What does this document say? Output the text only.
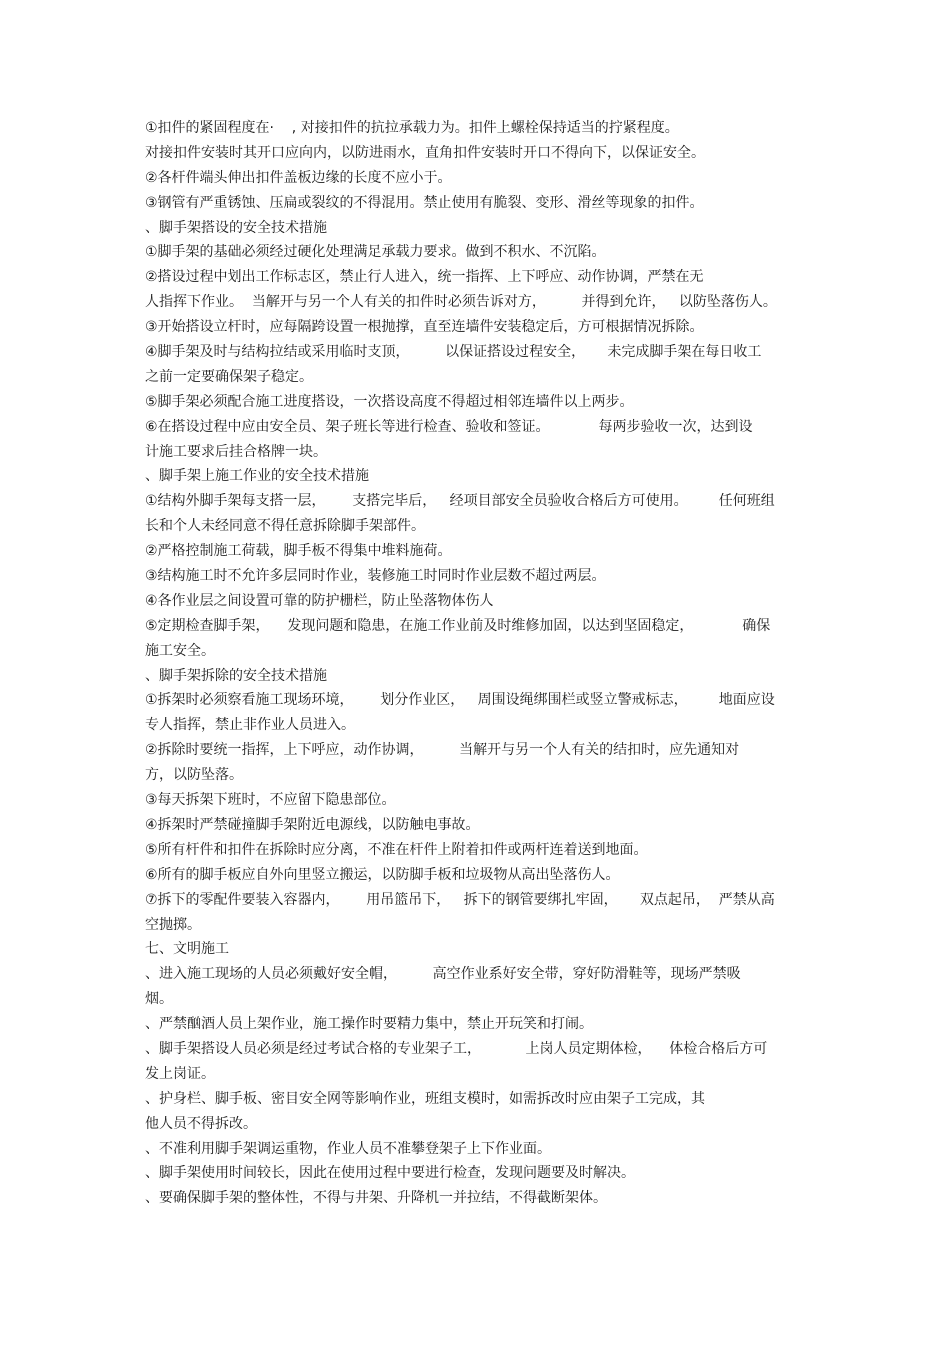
①扣件的紧固程度在·    , 对接扣件的抗拉承载力为。扣件上螺栓保持适当的拧紧程度。
对接扣件安装时其开口应向内，以防进雨水，直角扣件安装时开口不得向下，以保证安全。
②各杆件端头伸出扣件盖板边缘的长度不应小于。
③钢管有严重锈蚀、压扁或裂纹的不得混用。禁止使用有脆裂、变形、滑丝等现象的扣件。
、脚手架搭设的安全技术措施
①脚手架的基础必须经过硬化处理满足承载力要求。做到不积水、不沉陷。
②搭设过程中划出工作标志区，禁止行人进入，统一指挥、上下呼应、动作协调，严禁在无
人指挥下作业。  当解开与另一个人有关的扣件时必须告诉对方，        并得到允许，   以防坠落伤人。
③开始搭设立杆时，应每隔跨设置一根抛撑，直至连墙件安装稳定后，方可根据情况拆除。
④脚手架及时与结构拉结或采用临时支顶，        以保证搭设过程安全，     未完成脚手架在每日收工
之前一定要确保架子稳定。
⑤脚手架必须配合施工进度搭设，一次搭设高度不得超过相邻连墙件以上两步。
⑥在搭设过程中应由安全员、架子班长等进行检查、验收和签证。           每两步验收一次，达到设
计施工要求后挂合格牌一块。
、脚手架上施工作业的安全技术措施
①结构外脚手架每支搭一层，      支搭完毕后，   经项目部安全员验收合格后方可使用。       任何班组
长和个人未经同意不得任意拆除脚手架部件。
②严格控制施工荷载，脚手板不得集中堆料施荷。
③结构施工时不允许多层同时作业，装修施工时同时作业层数不超过两层。
④各作业层之间设置可靠的防护栅栏，防止坠落物体伤人
⑤定期检查脚手架，    发现问题和隐患，在施工作业前及时维修加固，以达到坚固稳定，           确保
施工安全。
、脚手架拆除的安全技术措施
①拆架时必须察看施工现场环境，      划分作业区，   周围设绳绑围栏或竖立警戒标志，       地面应设
专人指挥，禁止非作业人员进入。
②拆除时要统一指挥，上下呼应，动作协调，        当解开与另一个人有关的结扣时，应先通知对
方，以防坠落。
③每天拆架下班时，不应留下隐患部位。
④拆架时严禁碰撞脚手架附近电源线，以防触电事故。
⑤所有杆件和扣件在拆除时应分离，不准在杆件上附着扣件或两杆连着送到地面。
⑥所有的脚手板应自外向里竖立搬运，以防脚手板和垃圾物从高出坠落伤人。
⑦拆下的零配件要装入容器内，      用吊篮吊下，   拆下的钢管要绑扎牢固，     双点起吊，  严禁从高
空抛掷。
七、文明施工
、进入施工现场的人员必须戴好安全帽，        高空作业系好安全带，穿好防滑鞋等，现场严禁吸
烟。
、严禁酗酒人员上架作业，施工操作时要精力集中，禁止开玩笑和打闹。
、脚手架搭设人员必须是经过考试合格的专业架子工，          上岗人员定期体检，    体检合格后方可
发上岗证。
、护身栏、脚手板、密目安全网等影响作业，班组支模时，如需拆改时应由架子工完成，其
他人员不得拆改。
、不准利用脚手架调运重物，作业人员不准攀登架子上下作业面。
、脚手架使用时间较长，因此在使用过程中要进行检查，发现问题要及时解决。
、要确保脚手架的整体性，不得与井架、升降机一并拉结，不得截断架体。
